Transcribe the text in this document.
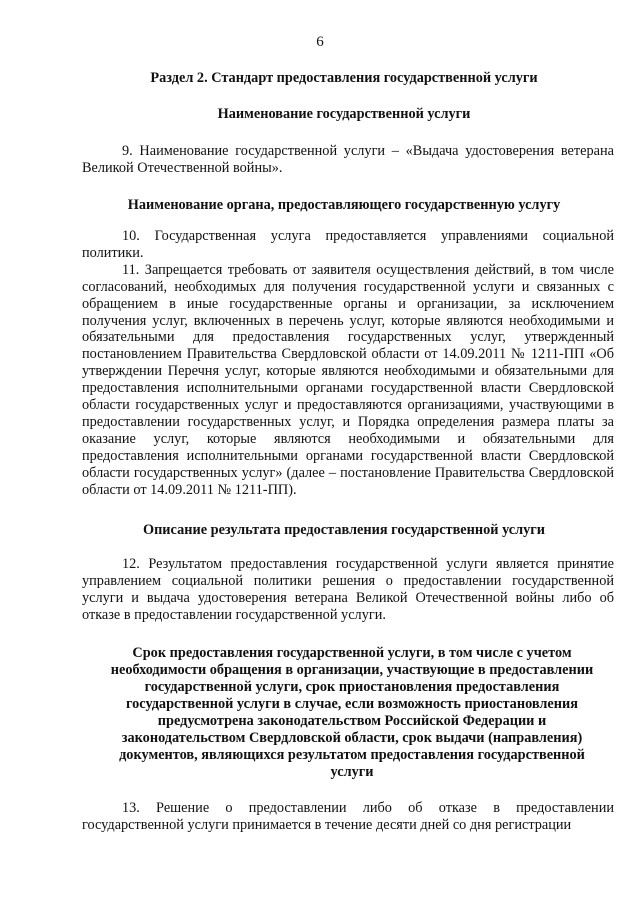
6
Раздел 2. Стандарт предоставления государственной услуги
Наименование государственной услуги

9. Наименование государственной услуги – «Выдача удостоверения ветерана Великой Отечественной войны».

Наименование органа, предоставляющего государственную услугу

10. Государственная услуга предоставляется управлениями социальной политики.

11. Запрещается требовать от заявителя осуществления действий, в том числе согласований, необходимых для получения государственной услуги и связанных с обращением в иные государственные органы и организации, за исключением получения услуг, включенных в перечень услуг, которые являются необходимыми и обязательными для предоставления государственных услуг, утвержденный постановлением Правительства Свердловской области от 14.09.2011 № 1211-ПП «Об утверждении Перечня услуг, которые являются необходимыми и обязательными для предоставления исполнительными органами государственной власти Свердловской области государственных услуг и предоставляются организациями, участвующими в предоставлении государственных услуг, и Порядка определения размера платы за оказание услуг, которые являются необходимыми и обязательными для предоставления исполнительными органами государственной власти Свердловской области государственных услуг» (далее – постановление Правительства Свердловской области от 14.09.2011 № 1211-ПП).

Описание результата предоставления государственной услуги

12. Результатом предоставления государственной услуги является принятие управлением социальной политики решения о предоставлении государственной услуги и выдача удостоверения ветерана Великой Отечественной войны либо об отказе в предоставлении государственной услуги.

Срок предоставления государственной услуги, в том числе с учетом необходимости обращения в организации, участвующие в предоставлении государственной услуги, срок приостановления предоставления государственной услуги в случае, если возможность приостановления предусмотрена законодательством Российской Федерации и законодательством Свердловской области, срок выдачи (направления) документов, являющихся результатом предоставления государственной услуги

13. Решение о предоставлении либо об отказе в предоставлении государственной услуги принимается в течение десяти дней со дня регистрации
